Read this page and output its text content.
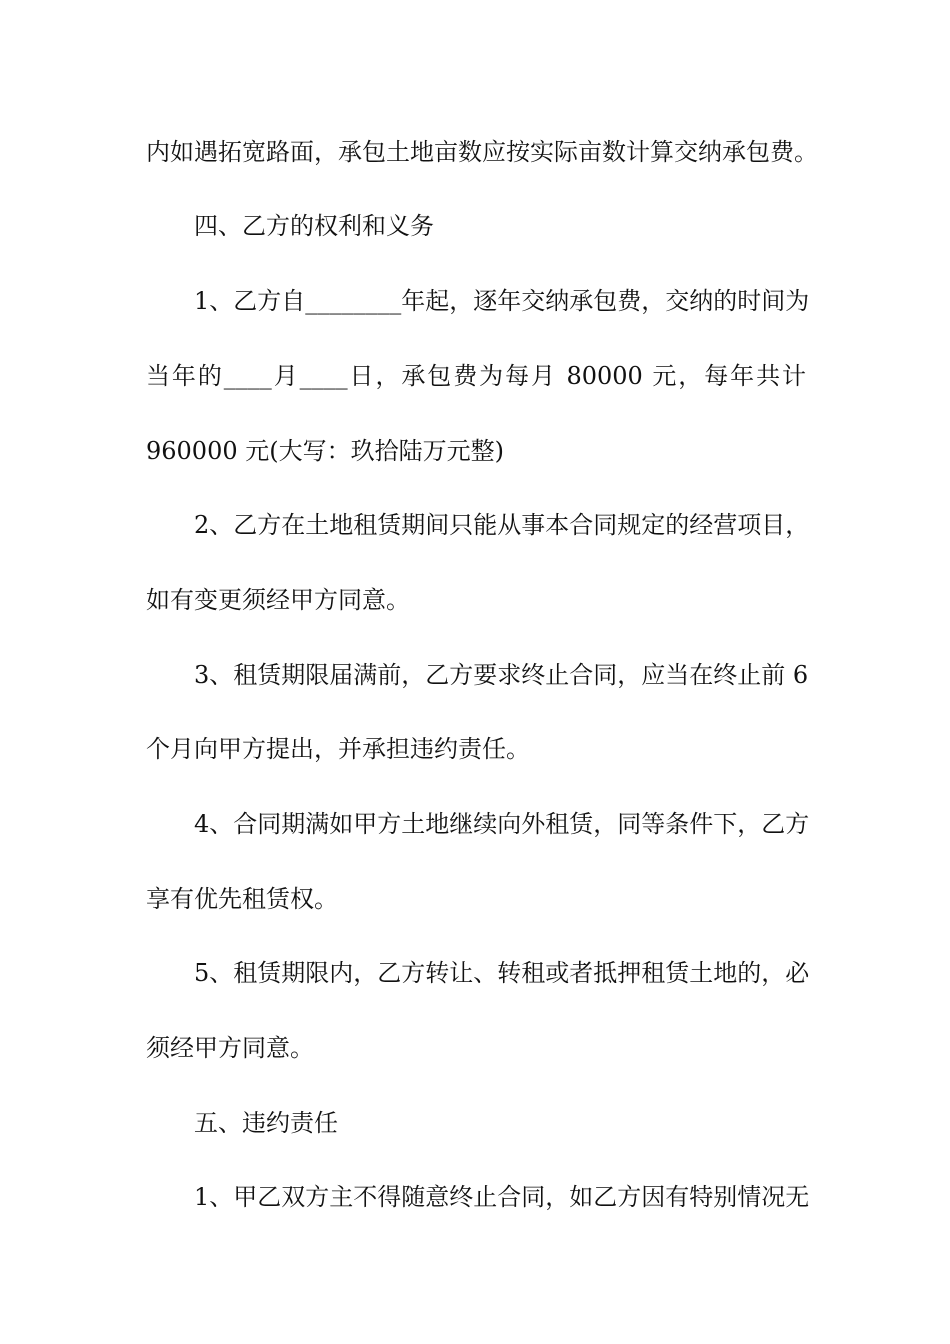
内如遇拓宽路面，承包土地亩数应按实际亩数计算交纳承包费。

四、乙方的权利和义务

1、乙方自________年起，逐年交纳承包费，交纳的时间为

当年的____月____日，承包费为每月 80000 元，每年共计

960000 元(大写：玖拾陆万元整)

2、乙方在土地租赁期间只能从事本合同规定的经营项目，

如有变更须经甲方同意。

3、租赁期限届满前，乙方要求终止合同，应当在终止前 6

个月向甲方提出，并承担违约责任。

4、合同期满如甲方土地继续向外租赁，同等条件下，乙方

享有优先租赁权。

5、租赁期限内，乙方转让、转租或者抵押租赁土地的，必

须经甲方同意。

五、违约责任

1、甲乙双方主不得随意终止合同，如乙方因有特别情况无
